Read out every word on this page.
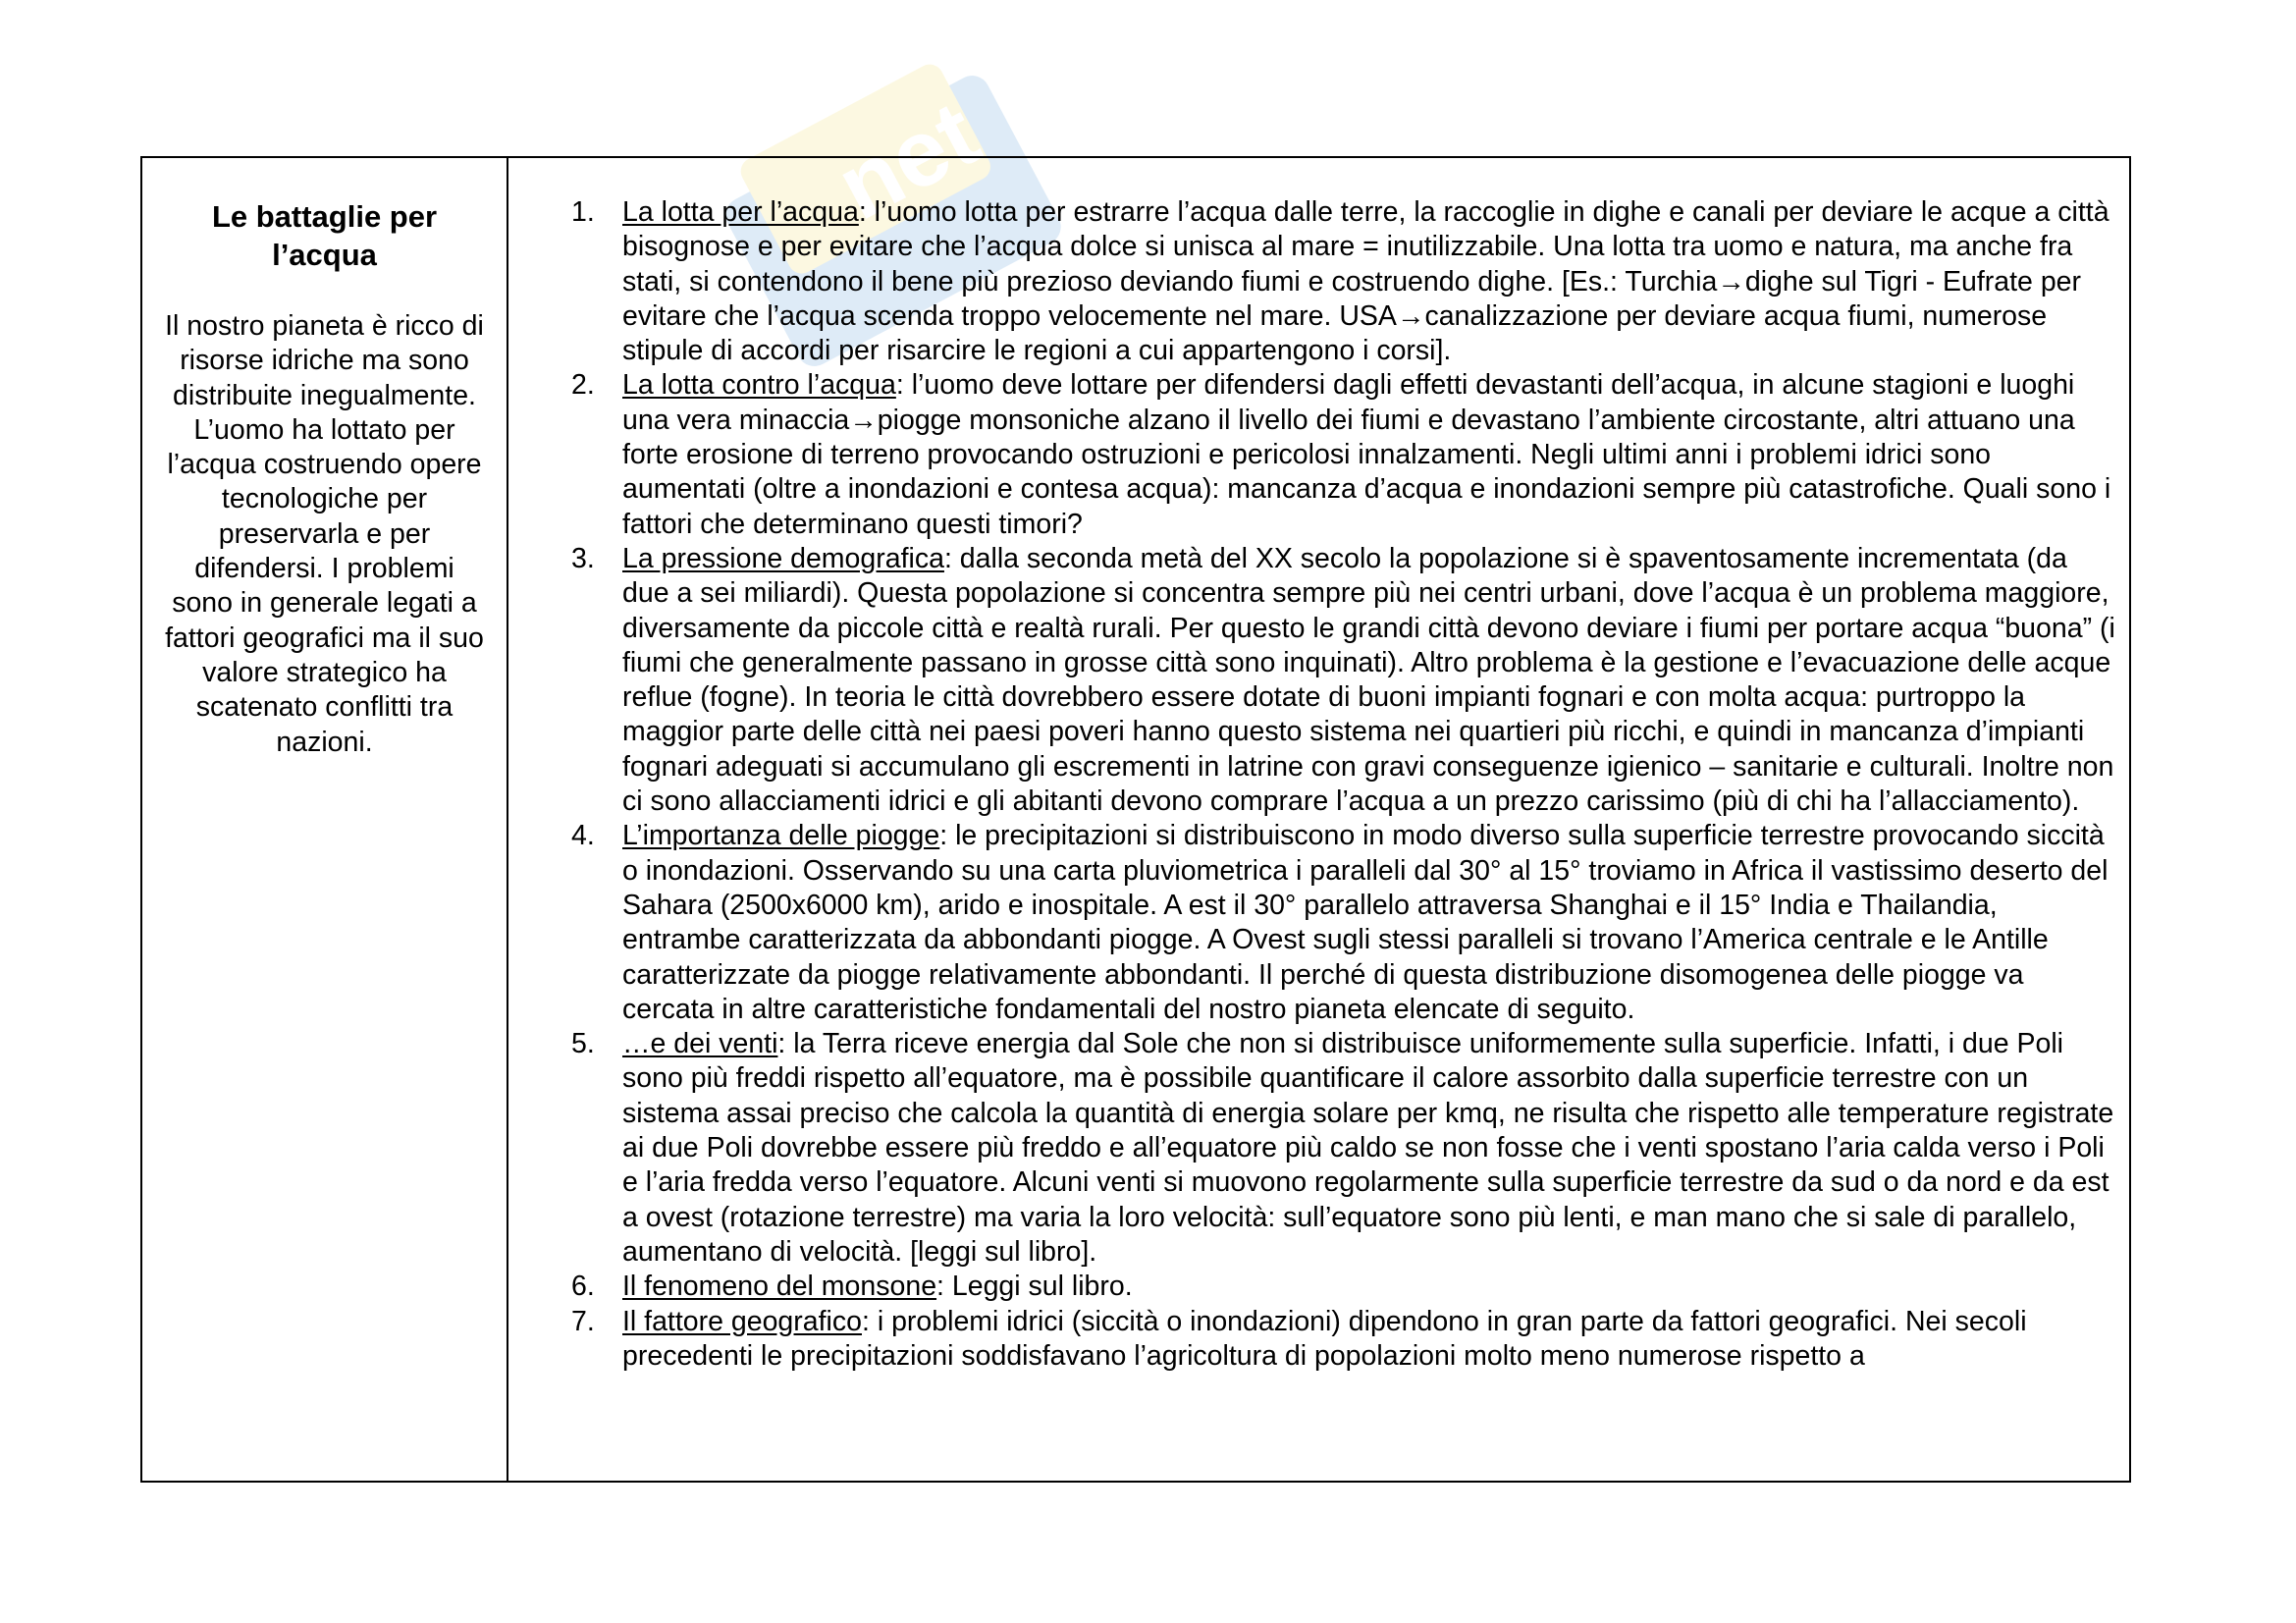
net
Le battaglie per l’acqua

Il nostro pianeta è ricco di risorse idriche ma sono distribuite inegualmente. L’uomo ha lottato per l’acqua costruendo opere tecnologiche per preservarla e per difendersi. I problemi sono in generale legati a fattori geografici ma il suo valore strategico ha scatenato conflitti tra nazioni.

1. La lotta per l’acqua: l’uomo lotta per estrarre l’acqua dalle terre, la raccoglie in dighe e canali per deviare le acque a città bisognose e per evitare che l’acqua dolce si unisca al mare = inutilizzabile. Una lotta tra uomo e natura, ma anche fra stati, si contendono il bene più prezioso deviando fiumi e costruendo dighe. [Es.: Turchia→dighe sul Tigri - Eufrate per evitare che l’acqua scenda troppo velocemente nel mare. USA→canalizzazione per deviare acqua fiumi, numerose stipule di accordi per risarcire le regioni a cui appartengono i corsi].
2. La lotta contro l’acqua: l’uomo deve lottare per difendersi dagli effetti devastanti dell’acqua, in alcune stagioni e luoghi una vera minaccia→piogge monsoniche alzano il livello dei fiumi e devastano l’ambiente circostante, altri attuano una forte erosione di terreno provocando ostruzioni e pericolosi innalzamenti. Negli ultimi anni i problemi idrici sono aumentati (oltre a inondazioni e contesa acqua): mancanza d’acqua e inondazioni sempre più catastrofiche. Quali sono i fattori che determinano questi timori?
3. La pressione demografica: dalla seconda metà del XX secolo la popolazione si è spaventosamente incrementata (da due a sei miliardi). Questa popolazione si concentra sempre più nei centri urbani, dove l’acqua è un problema maggiore, diversamente da piccole città e realtà rurali. Per questo le grandi città devono deviare i fiumi per portare acqua “buona” (i fiumi che generalmente passano in grosse città sono inquinati). Altro problema è la gestione e l’evacuazione delle acque reflue (fogne). In teoria le città dovrebbero essere dotate di buoni impianti fognari e con molta acqua: purtroppo la maggior parte delle città nei paesi poveri hanno questo sistema nei quartieri più ricchi, e quindi in mancanza d’impianti fognari adeguati si accumulano gli escrementi in latrine con gravi conseguenze igienico – sanitarie e culturali. Inoltre non ci sono allacciamenti idrici e gli abitanti devono comprare l’acqua a un prezzo carissimo (più di chi ha l’allacciamento).
4. L’importanza delle piogge: le precipitazioni si distribuiscono in modo diverso sulla superficie terrestre provocando siccità o inondazioni. Osservando su una carta pluviometrica i paralleli dal 30° al 15° troviamo in Africa il vastissimo deserto del Sahara (2500x6000 km), arido e inospitale. A est il 30° parallelo attraversa Shanghai e il 15° India e Thailandia, entrambe caratterizzata da abbondanti piogge. A Ovest sugli stessi paralleli si trovano l’America centrale e le Antille caratterizzate da piogge relativamente abbondanti. Il perché di questa distribuzione disomogenea delle piogge va cercata in altre caratteristiche fondamentali del nostro pianeta elencate di seguito.
5. …e dei venti: la Terra riceve energia dal Sole che non si distribuisce uniformemente sulla superficie. Infatti, i due Poli sono più freddi rispetto all’equatore, ma è possibile quantificare il calore assorbito dalla superficie terrestre con un sistema assai preciso che calcola la quantità di energia solare per kmq, ne risulta che rispetto alle temperature registrate ai due Poli dovrebbe essere più freddo e all’equatore più caldo se non fosse che i venti spostano l’aria calda verso i Poli e l’aria fredda verso l’equatore. Alcuni venti si muovono regolarmente sulla superficie terrestre da sud o da nord e da est a ovest (rotazione terrestre) ma varia la loro velocità: sull’equatore sono più lenti, e man mano che si sale di parallelo, aumentano di velocità. [leggi sul libro].
6. Il fenomeno del monsone: Leggi sul libro.
7. Il fattore geografico: i problemi idrici (siccità o inondazioni) dipendono in gran parte da fattori geografici. Nei secoli precedenti le precipitazioni soddisfavano l’agricoltura di popolazioni molto meno numerose rispetto a
